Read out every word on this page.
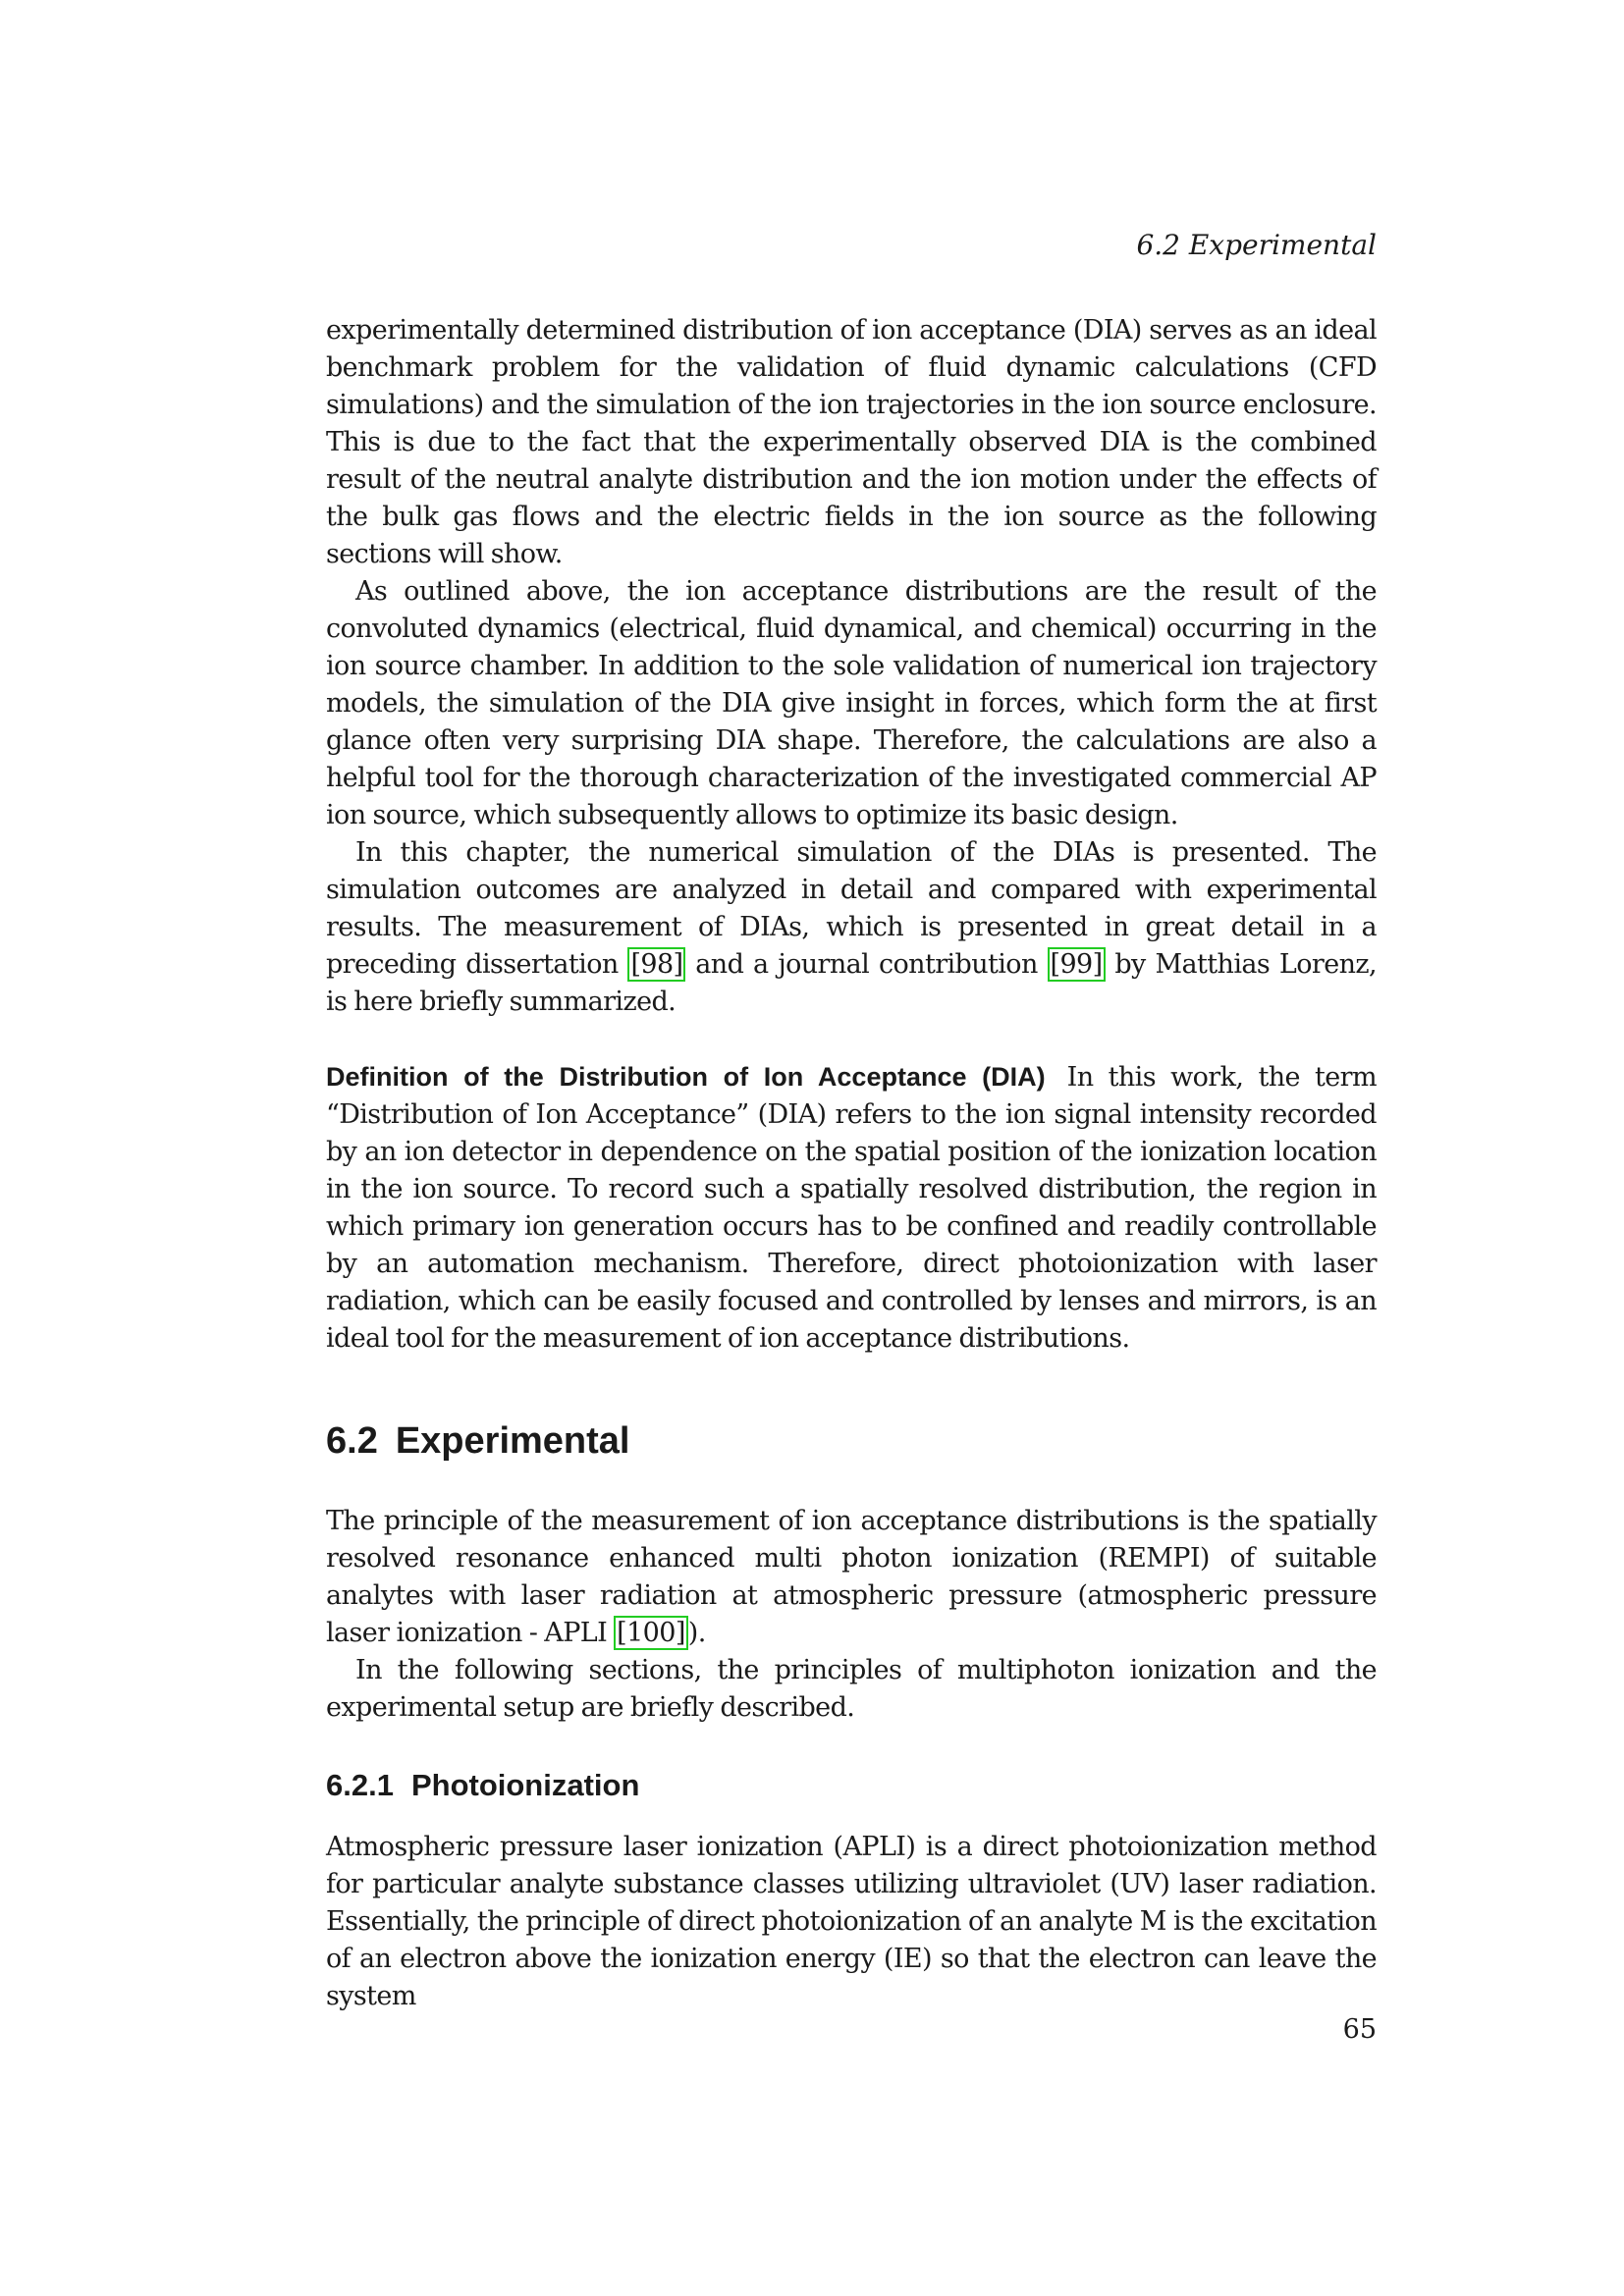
6.2 Experimental

experimentally determined distribution of ion acceptance (DIA) serves as an ideal benchmark problem for the validation of fluid dynamic calculations (CFD simulations) and the simulation of the ion trajectories in the ion source enclosure. This is due to the fact that the experimentally observed DIA is the combined result of the neutral analyte distribution and the ion motion under the effects of the bulk gas flows and the electric fields in the ion source as the following sections will show.

As outlined above, the ion acceptance distributions are the result of the convoluted dynamics (electrical, fluid dynamical, and chemical) occurring in the ion source chamber. In addition to the sole validation of numerical ion trajectory models, the simulation of the DIA give insight in forces, which form the at first glance often very surprising DIA shape. Therefore, the calculations are also a helpful tool for the thorough characterization of the investigated commercial AP ion source, which subsequently allows to optimize its basic design.

In this chapter, the numerical simulation of the DIAs is presented. The simulation outcomes are analyzed in detail and compared with experimental results. The measurement of DIAs, which is presented in great detail in a preceding dissertation [98] and a journal contribution [99] by Matthias Lorenz, is here briefly summarized.

Definition of the Distribution of Ion Acceptance (DIA) In this work, the term “Distribution of Ion Acceptance” (DIA) refers to the ion signal intensity recorded by an ion detector in dependence on the spatial position of the ionization location in the ion source. To record such a spatially resolved distribution, the region in which primary ion generation occurs has to be confined and readily controllable by an automation mechanism. Therefore, direct photoionization with laser radiation, which can be easily focused and controlled by lenses and mirrors, is an ideal tool for the measurement of ion acceptance distributions.

6.2 Experimental

The principle of the measurement of ion acceptance distributions is the spatially resolved resonance enhanced multi photon ionization (REMPI) of suitable analytes with laser radiation at atmospheric pressure (atmospheric pressure laser ionization - APLI [100] ).

In the following sections, the principles of multiphoton ionization and the experimental setup are briefly described.

6.2.1 Photoionization

Atmospheric pressure laser ionization (APLI) is a direct photoionization method for particular analyte substance classes utilizing ultraviolet (UV) laser radiation. Essentially, the principle of direct photoionization of an analyte M is the excitation of an electron above the ionization energy (IE) so that the electron can leave the system

65
